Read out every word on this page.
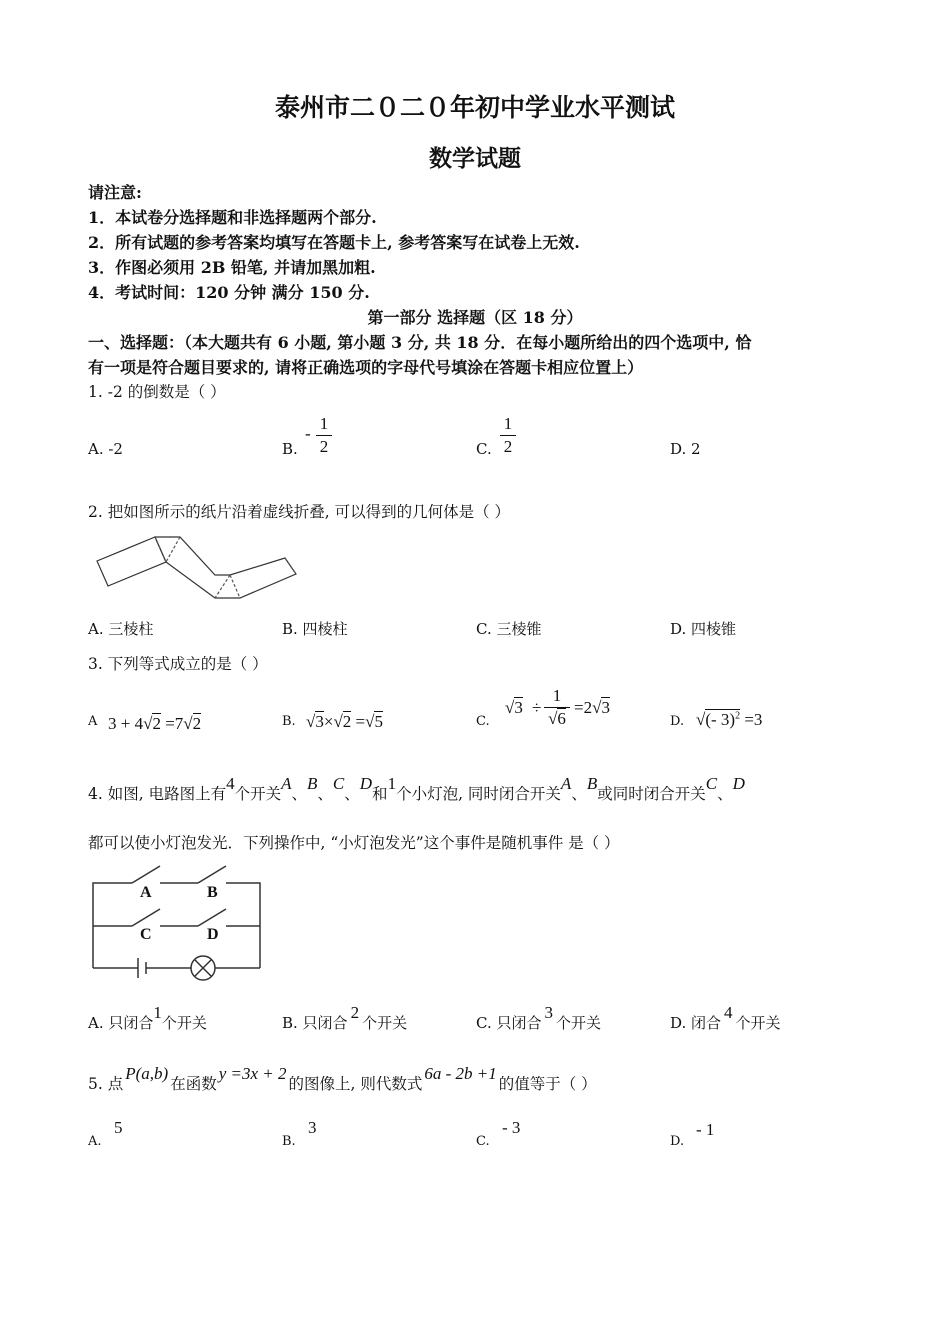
泰州市二０二０年初中学业水平测试
数学试题
请注意:
1．本试卷分选择题和非选择题两个部分.
2．所有试题的参考答案均填写在答题卡上, 参考答案写在试卷上无效.
3．作图必须用 2B 铅笔, 并请加黑加粗.
4．考试时间：120 分钟 满分 150 分.
第一部分 选择题（区 18 分）
一、选择题：（本大题共有 6 小题, 第小题 3 分, 共 18 分．在每小题所给出的四个选项中, 恰
有一项是符合题目要求的, 请将正确选项的字母代号填涂在答题卡相应位置上）
1. -2 的倒数是（ ）
A. -2	B.
-
1
2	C.
1
2	D. 2
2. 把如图所示的纸片沿着虚线折叠, 可以得到的几何体是（ ）
A. 三棱柱	B. 四棱柱	C. 三棱锥	D. 四棱锥
3. 下列等式成立的是（ ）
A 3 + 4√2 =7√2	B. √3×√2 =√5	C.
√3 ÷
1
√6
=2√3
D. √(- 3)$^2$ =3
4. 如图, 电路图上有4个开关A、B、C、D和1个小灯泡, 同时闭合开关A、B或同时闭合开关C、D
都可以使小灯泡发光．下列操作中, “小灯泡发光”这个事件是随机事件 是（ ）
A	B
C	D
A. 只闭合1个开关	B. 只闭合2个开关	C. 只闭合3个开关	D. 闭合4个开关
5. 点P(a,b)在函数y =3x + 2的图像上, 则代数式6a - 2b +1的值等于（ ）
A.
5
B.
3
C.
- 3
D.
- 1
